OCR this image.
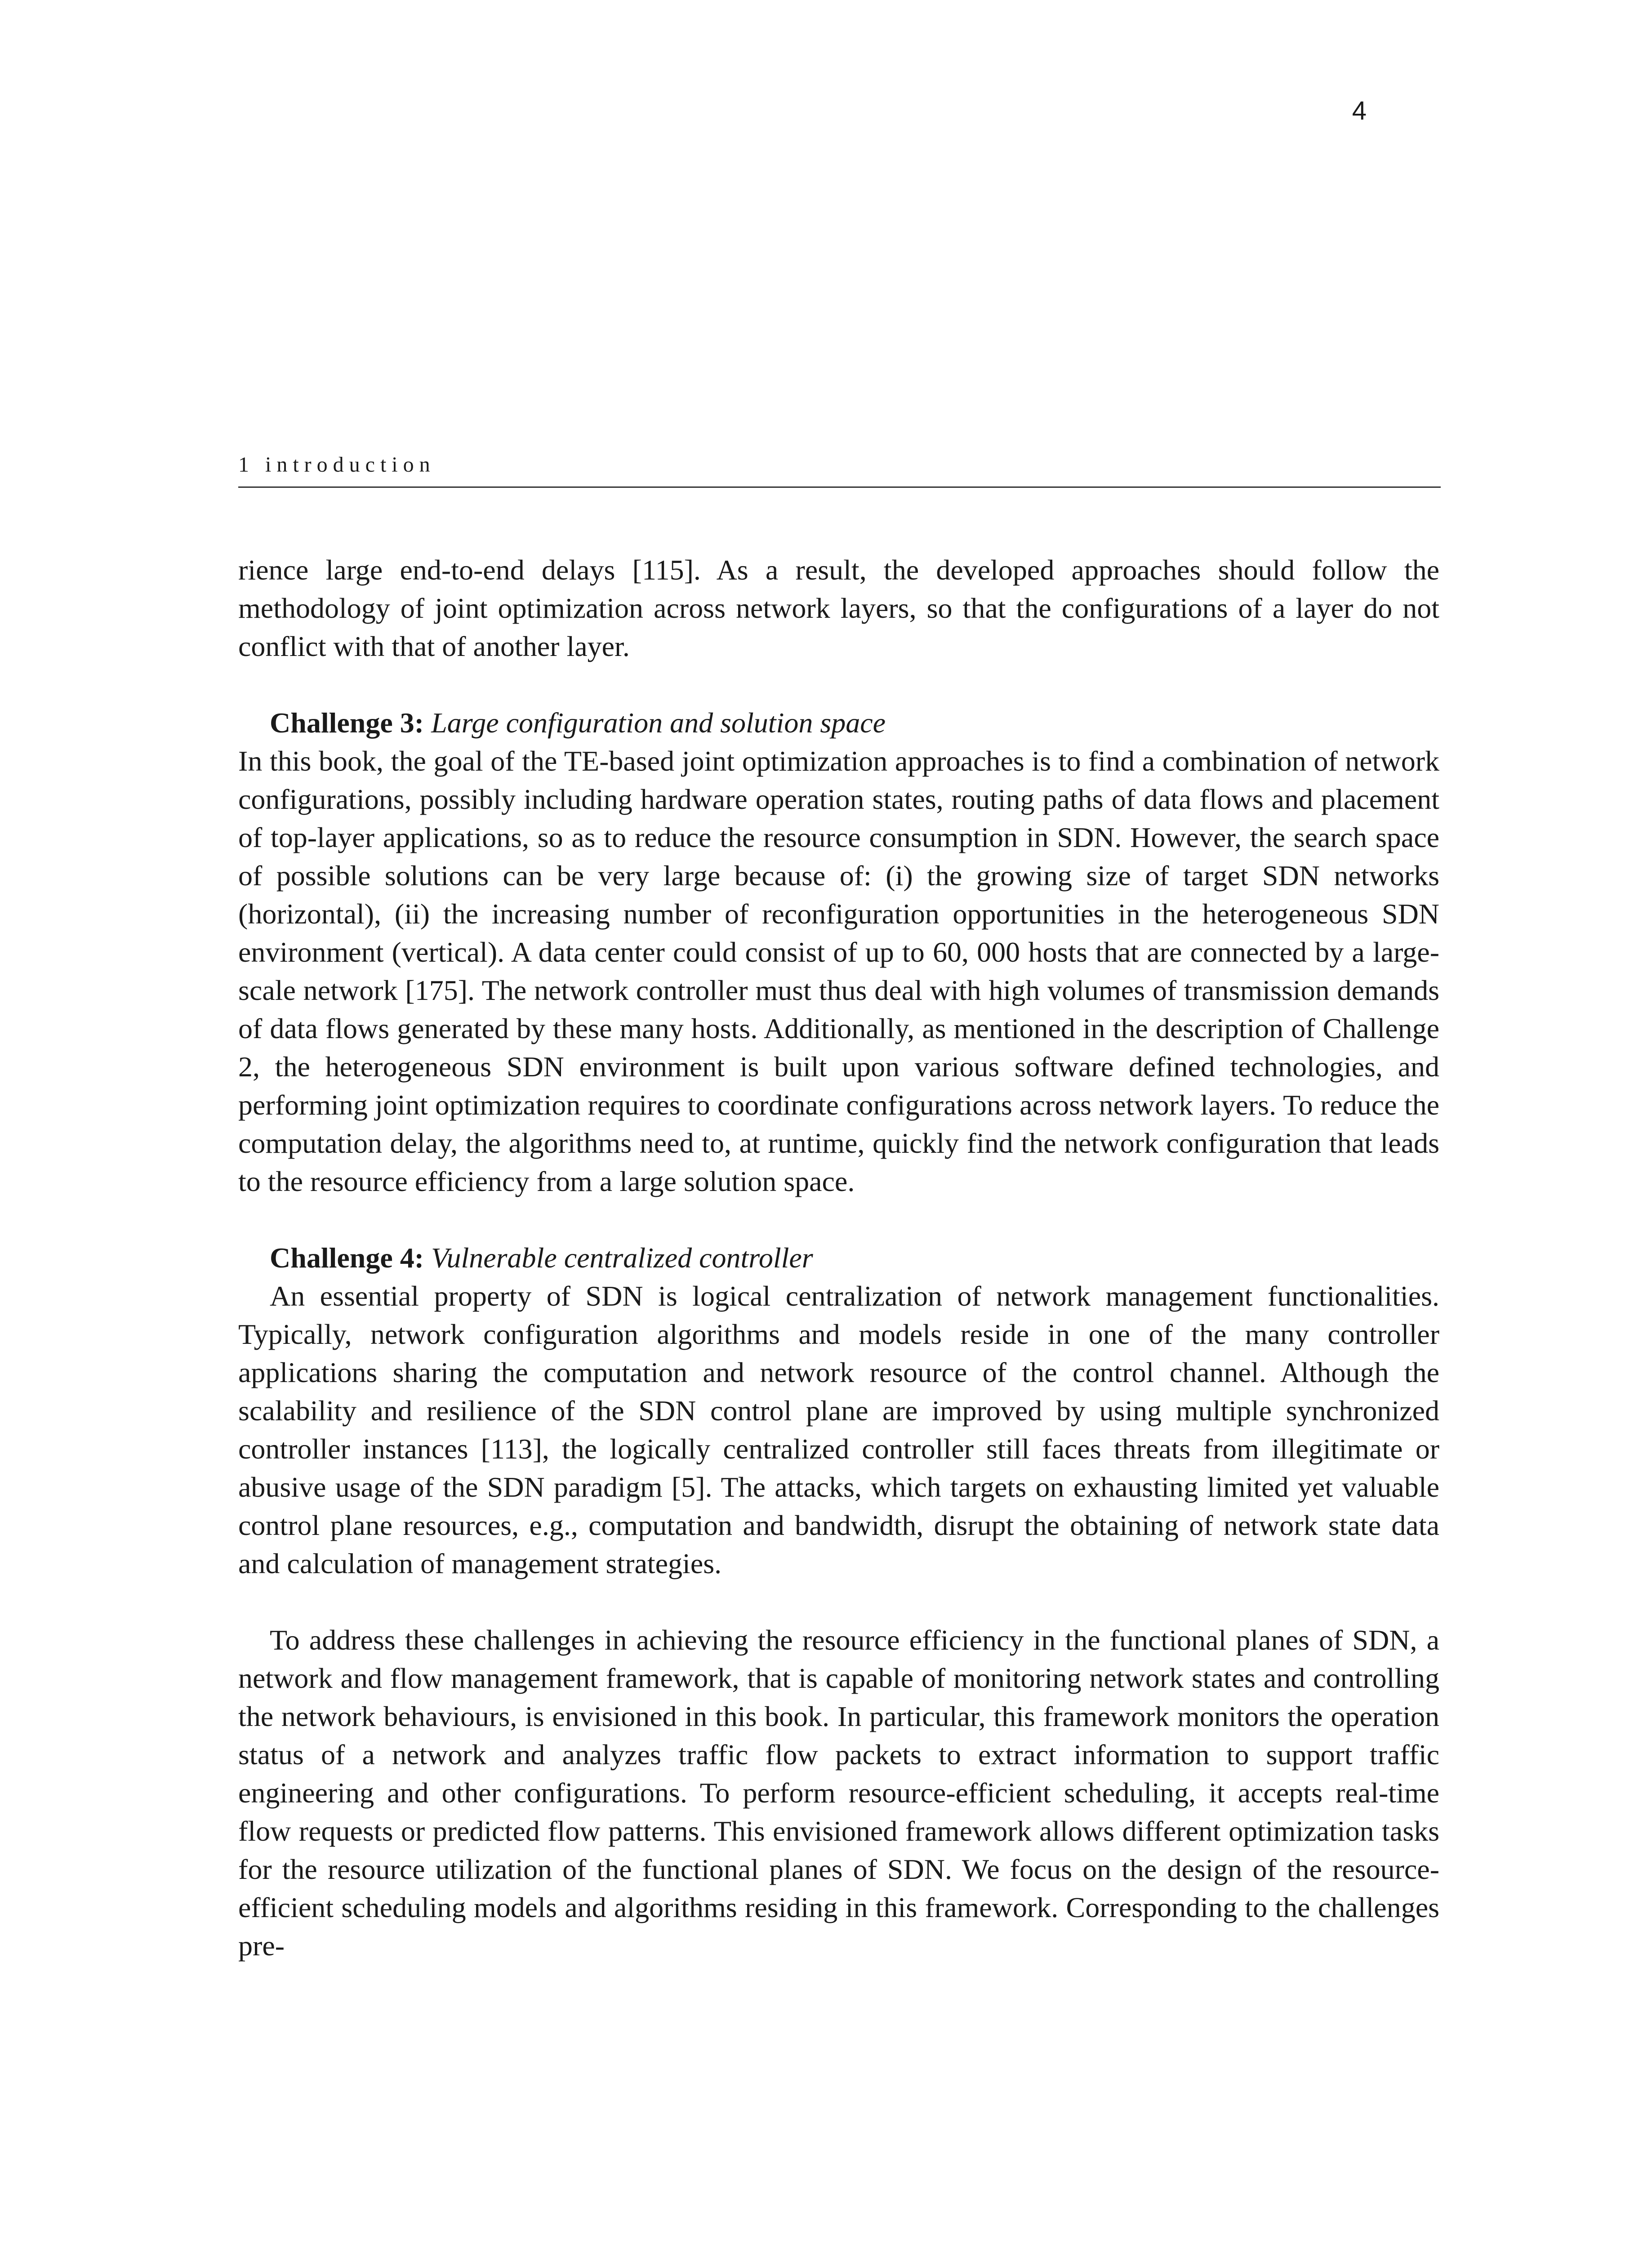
4
1 introduction

rience large end-to-end delays [115]. As a result, the developed approaches should follow the methodology of joint optimization across network layers, so that the configurations of a layer do not conflict with that of another layer.

Challenge 3: Large configuration and solution space

In this book, the goal of the TE-based joint optimization approaches is to find a combination of network configurations, possibly including hardware operation states, routing paths of data flows and placement of top-layer applications, so as to reduce the resource consumption in SDN. However, the search space of possible solutions can be very large because of: (i) the growing size of target SDN networks (horizontal), (ii) the increasing number of reconfiguration opportunities in the heterogeneous SDN environment (vertical). A data center could consist of up to 60, 000 hosts that are connected by a large-scale network [175]. The network controller must thus deal with high volumes of transmission demands of data flows generated by these many hosts. Additionally, as mentioned in the description of Challenge 2, the heterogeneous SDN environment is built upon various software defined technologies, and performing joint optimization requires to coordinate configurations across network layers. To reduce the computation delay, the algorithms need to, at runtime, quickly find the network configuration that leads to the resource efficiency from a large solution space.

Challenge 4: Vulnerable centralized controller

An essential property of SDN is logical centralization of network management functionalities. Typically, network configuration algorithms and models reside in one of the many controller applications sharing the computation and network resource of the control channel. Although the scalability and resilience of the SDN control plane are improved by using multiple synchronized controller instances [113], the logically centralized controller still faces threats from illegitimate or abusive usage of the SDN paradigm [5]. The attacks, which targets on exhausting limited yet valuable control plane resources, e.g., computation and bandwidth, disrupt the obtaining of network state data and calculation of management strategies.

To address these challenges in achieving the resource efficiency in the functional planes of SDN, a network and flow management framework, that is capable of monitoring network states and controlling the network behaviours, is envisioned in this book. In particular, this framework monitors the operation status of a network and analyzes traffic flow packets to extract information to support traffic engineering and other configurations. To perform resource-efficient scheduling, it accepts real-time flow requests or predicted flow patterns. This envisioned framework allows different optimization tasks for the resource utilization of the functional planes of SDN. We focus on the design of the resource-efficient scheduling models and algorithms residing in this framework. Corresponding to the challenges pre-
